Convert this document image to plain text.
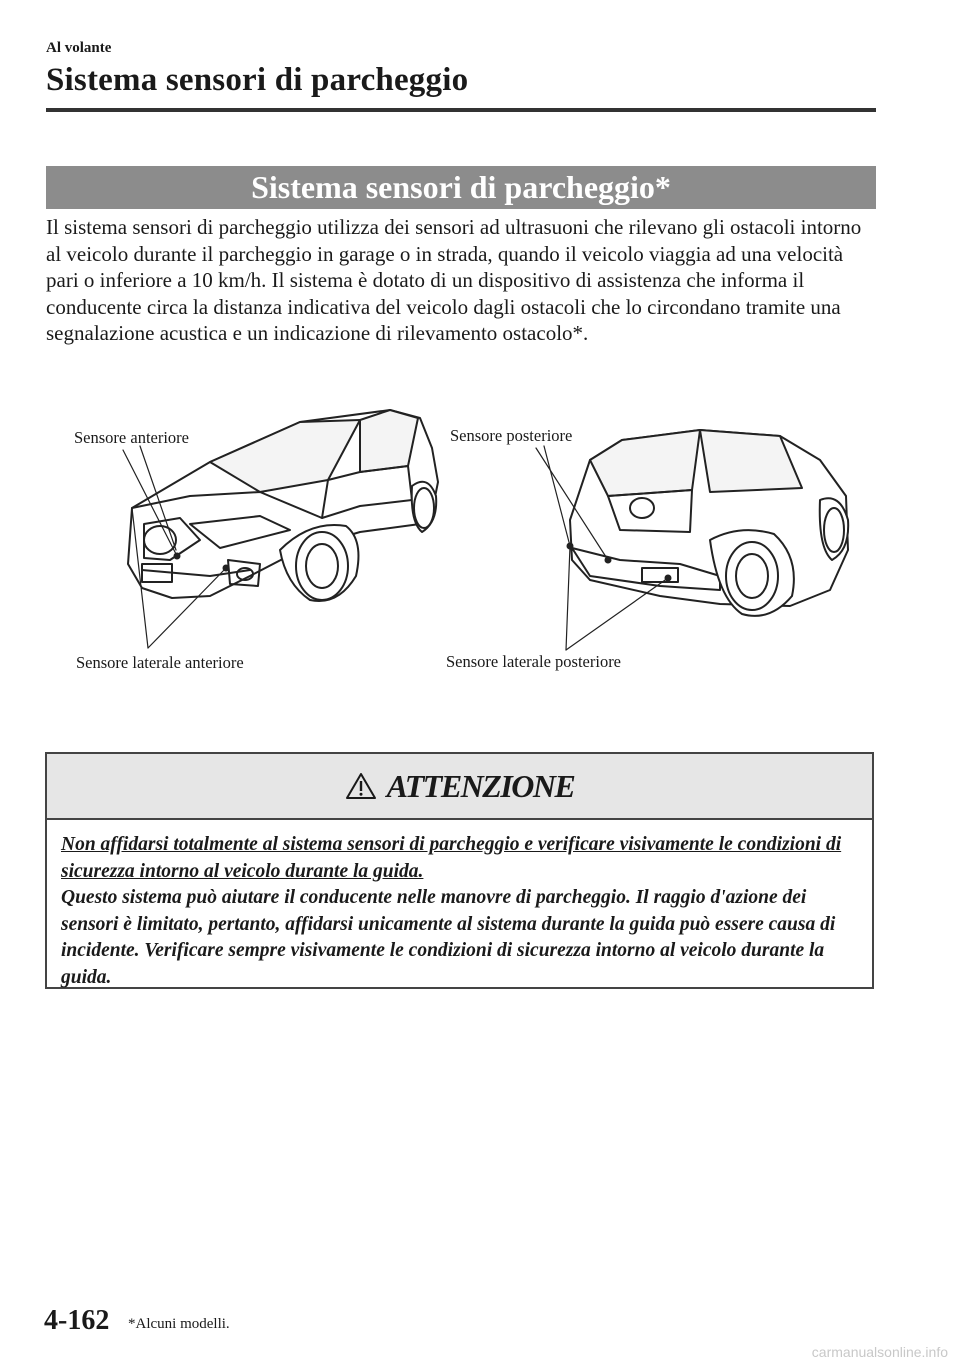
Al volante
Sistema sensori di parcheggio
Sistema sensori di parcheggio*

Il sistema sensori di parcheggio utilizza dei sensori ad ultrasuoni che rilevano gli ostacoli intorno al veicolo durante il parcheggio in garage o in strada, quando il veicolo viaggia ad una velocità pari o inferiore a 10 km/h. Il sistema è dotato di un dispositivo di assistenza che informa il conducente circa la distanza indicativa del veicolo dagli ostacoli che lo circondano tramite una segnalazione acustica e un indicazione di rilevamento ostacolo*.

Sensore anteriore
Sensore laterale anteriore
Sensore posteriore
Sensore laterale posteriore
ATTENZIONE
Non affidarsi totalmente al sistema sensori di parcheggio e verificare visivamente le condizioni di sicurezza intorno al veicolo durante la guida.
Questo sistema può aiutare il conducente nelle manovre di parcheggio. Il raggio d'azione dei sensori è limitato, pertanto, affidarsi unicamente al sistema durante la guida può essere causa di incidente. Verificare sempre visivamente le condizioni di sicurezza intorno al veicolo durante la guida.
4-162 *Alcuni modelli.
carmanualsonline.info
